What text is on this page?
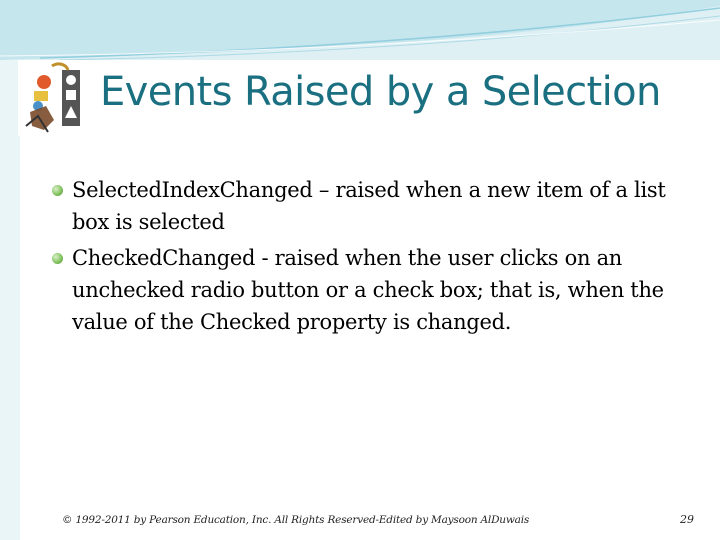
Events Raised by a Selection
SelectedIndexChanged – raised when a new item of a list box is selected
CheckedChanged - raised when the user clicks on an unchecked radio button or a check box; that is, when the value of the Checked property is changed.
© 1992-2011 by Pearson Education, Inc. All Rights Reserved-Edited by Maysoon AlDuwais	29
